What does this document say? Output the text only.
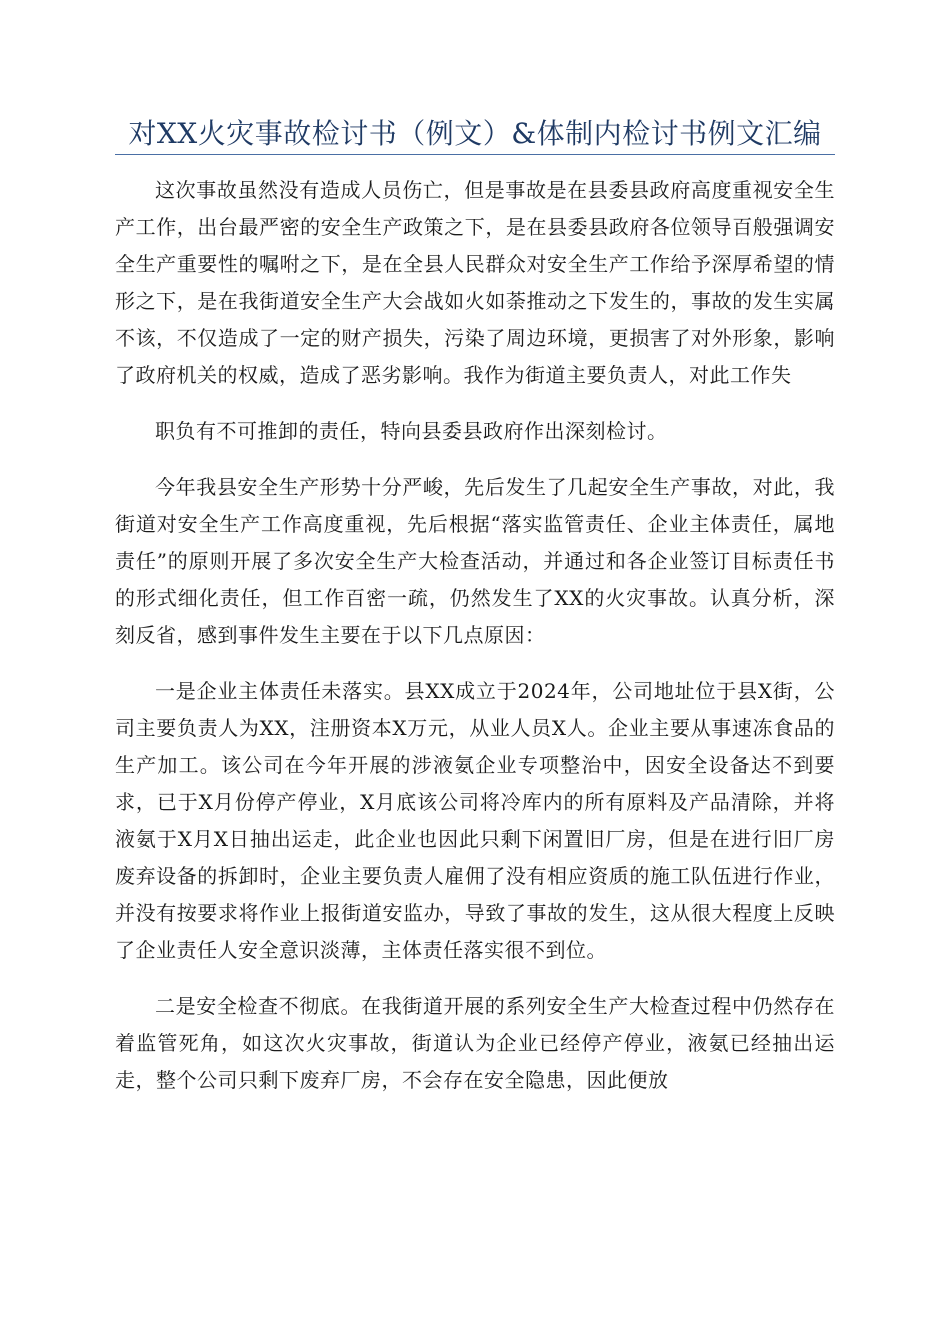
对XX火灾事故检讨书（例文）&体制内检讨书例文汇编

这次事故虽然没有造成人员伤亡，但是事故是在县委县政府高度重视安全生产工作，出台最严密的安全生产政策之下，是在县委县政府各位领导百般强调安全生产重要性的嘱咐之下，是在全县人民群众对安全生产工作给予深厚希望的情形之下，是在我街道安全生产大会战如火如荼推动之下发生的，事故的发生实属不该，不仅造成了一定的财产损失，污染了周边环境，更损害了对外形象，影响了政府机关的权威，造成了恶劣影响。我作为街道主要负责人，对此工作失

职负有不可推卸的责任，特向县委县政府作出深刻检讨。

今年我县安全生产形势十分严峻，先后发生了几起安全生产事故，对此，我街道对安全生产工作高度重视，先后根据“落实监管责任、企业主体责任，属地责任”的原则开展了多次安全生产大检查活动，并通过和各企业签订目标责任书的形式细化责任，但工作百密一疏，仍然发生了XX的火灾事故。认真分析，深刻反省，感到事件发生主要在于以下几点原因：

一是企业主体责任未落实。县XX成立于2024年，公司地址位于县X街，公司主要负责人为XX，注册资本X万元，从业人员X人。企业主要从事速冻食品的生产加工。该公司在今年开展的涉液氨企业专项整治中，因安全设备达不到要求，已于X月份停产停业，X月底该公司将冷库内的所有原料及产品清除，并将液氨于X月X日抽出运走，此企业也因此只剩下闲置旧厂房，但是在进行旧厂房废弃设备的拆卸时，企业主要负责人雇佣了没有相应资质的施工队伍进行作业，并没有按要求将作业上报街道安监办，导致了事故的发生，这从很大程度上反映了企业责任人安全意识淡薄，主体责任落实很不到位。

二是安全检查不彻底。在我街道开展的系列安全生产大检查过程中仍然存在着监管死角，如这次火灾事故，街道认为企业已经停产停业，液氨已经抽出运走，整个公司只剩下废弃厂房，不会存在安全隐患，因此便放
